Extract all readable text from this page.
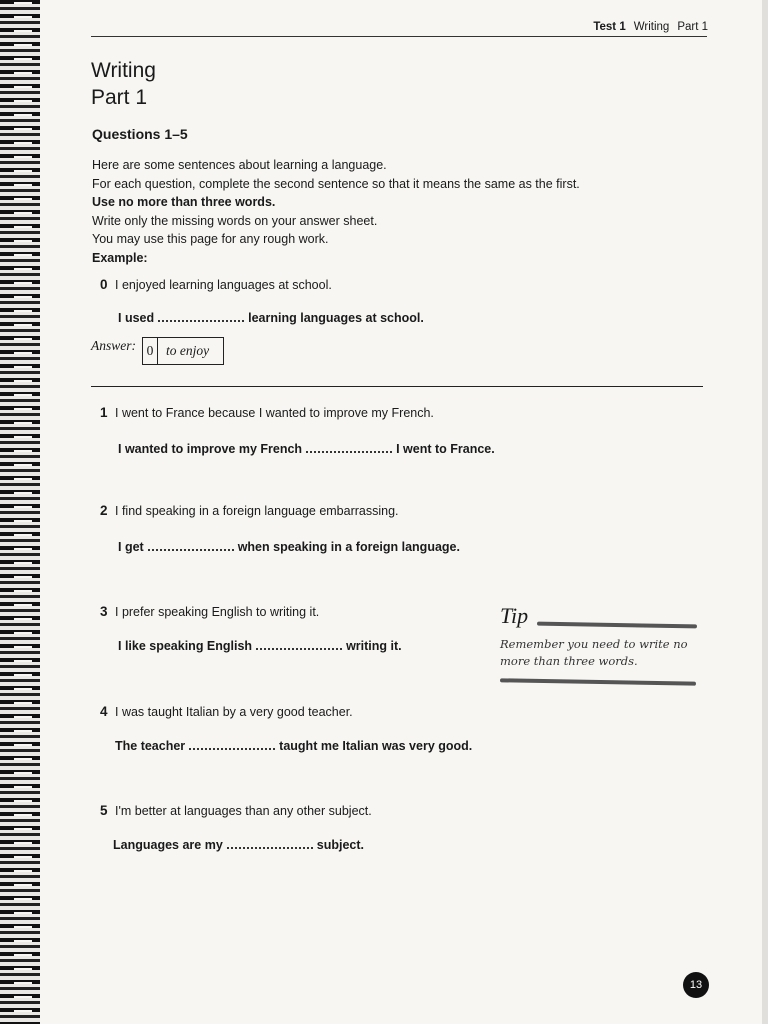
Test 1 Writing Part 1
Writing
Part 1
Questions 1–5
Here are some sentences about learning a language.
For each question, complete the second sentence so that it means the same as the first.
Use no more than three words.
Write only the missing words on your answer sheet.
You may use this page for any rough work.
Example:
0 I enjoyed learning languages at school.
I used	learning languages at school.
Answer: 0 to enjoy
1 I went to France because I wanted to improve my French.
I wanted to improve my French	I went to France.
2 I find speaking in a foreign language embarrassing.
I get	when speaking in a foreign language.
3 I prefer speaking English to writing it.
I like speaking English	writing it.
4 I was taught Italian by a very good teacher.
The teacher	taught me Italian was very good.
5 I'm better at languages than any other subject.
Languages are my	subject.
Tip
Remember you need to write no more than three words.
13
